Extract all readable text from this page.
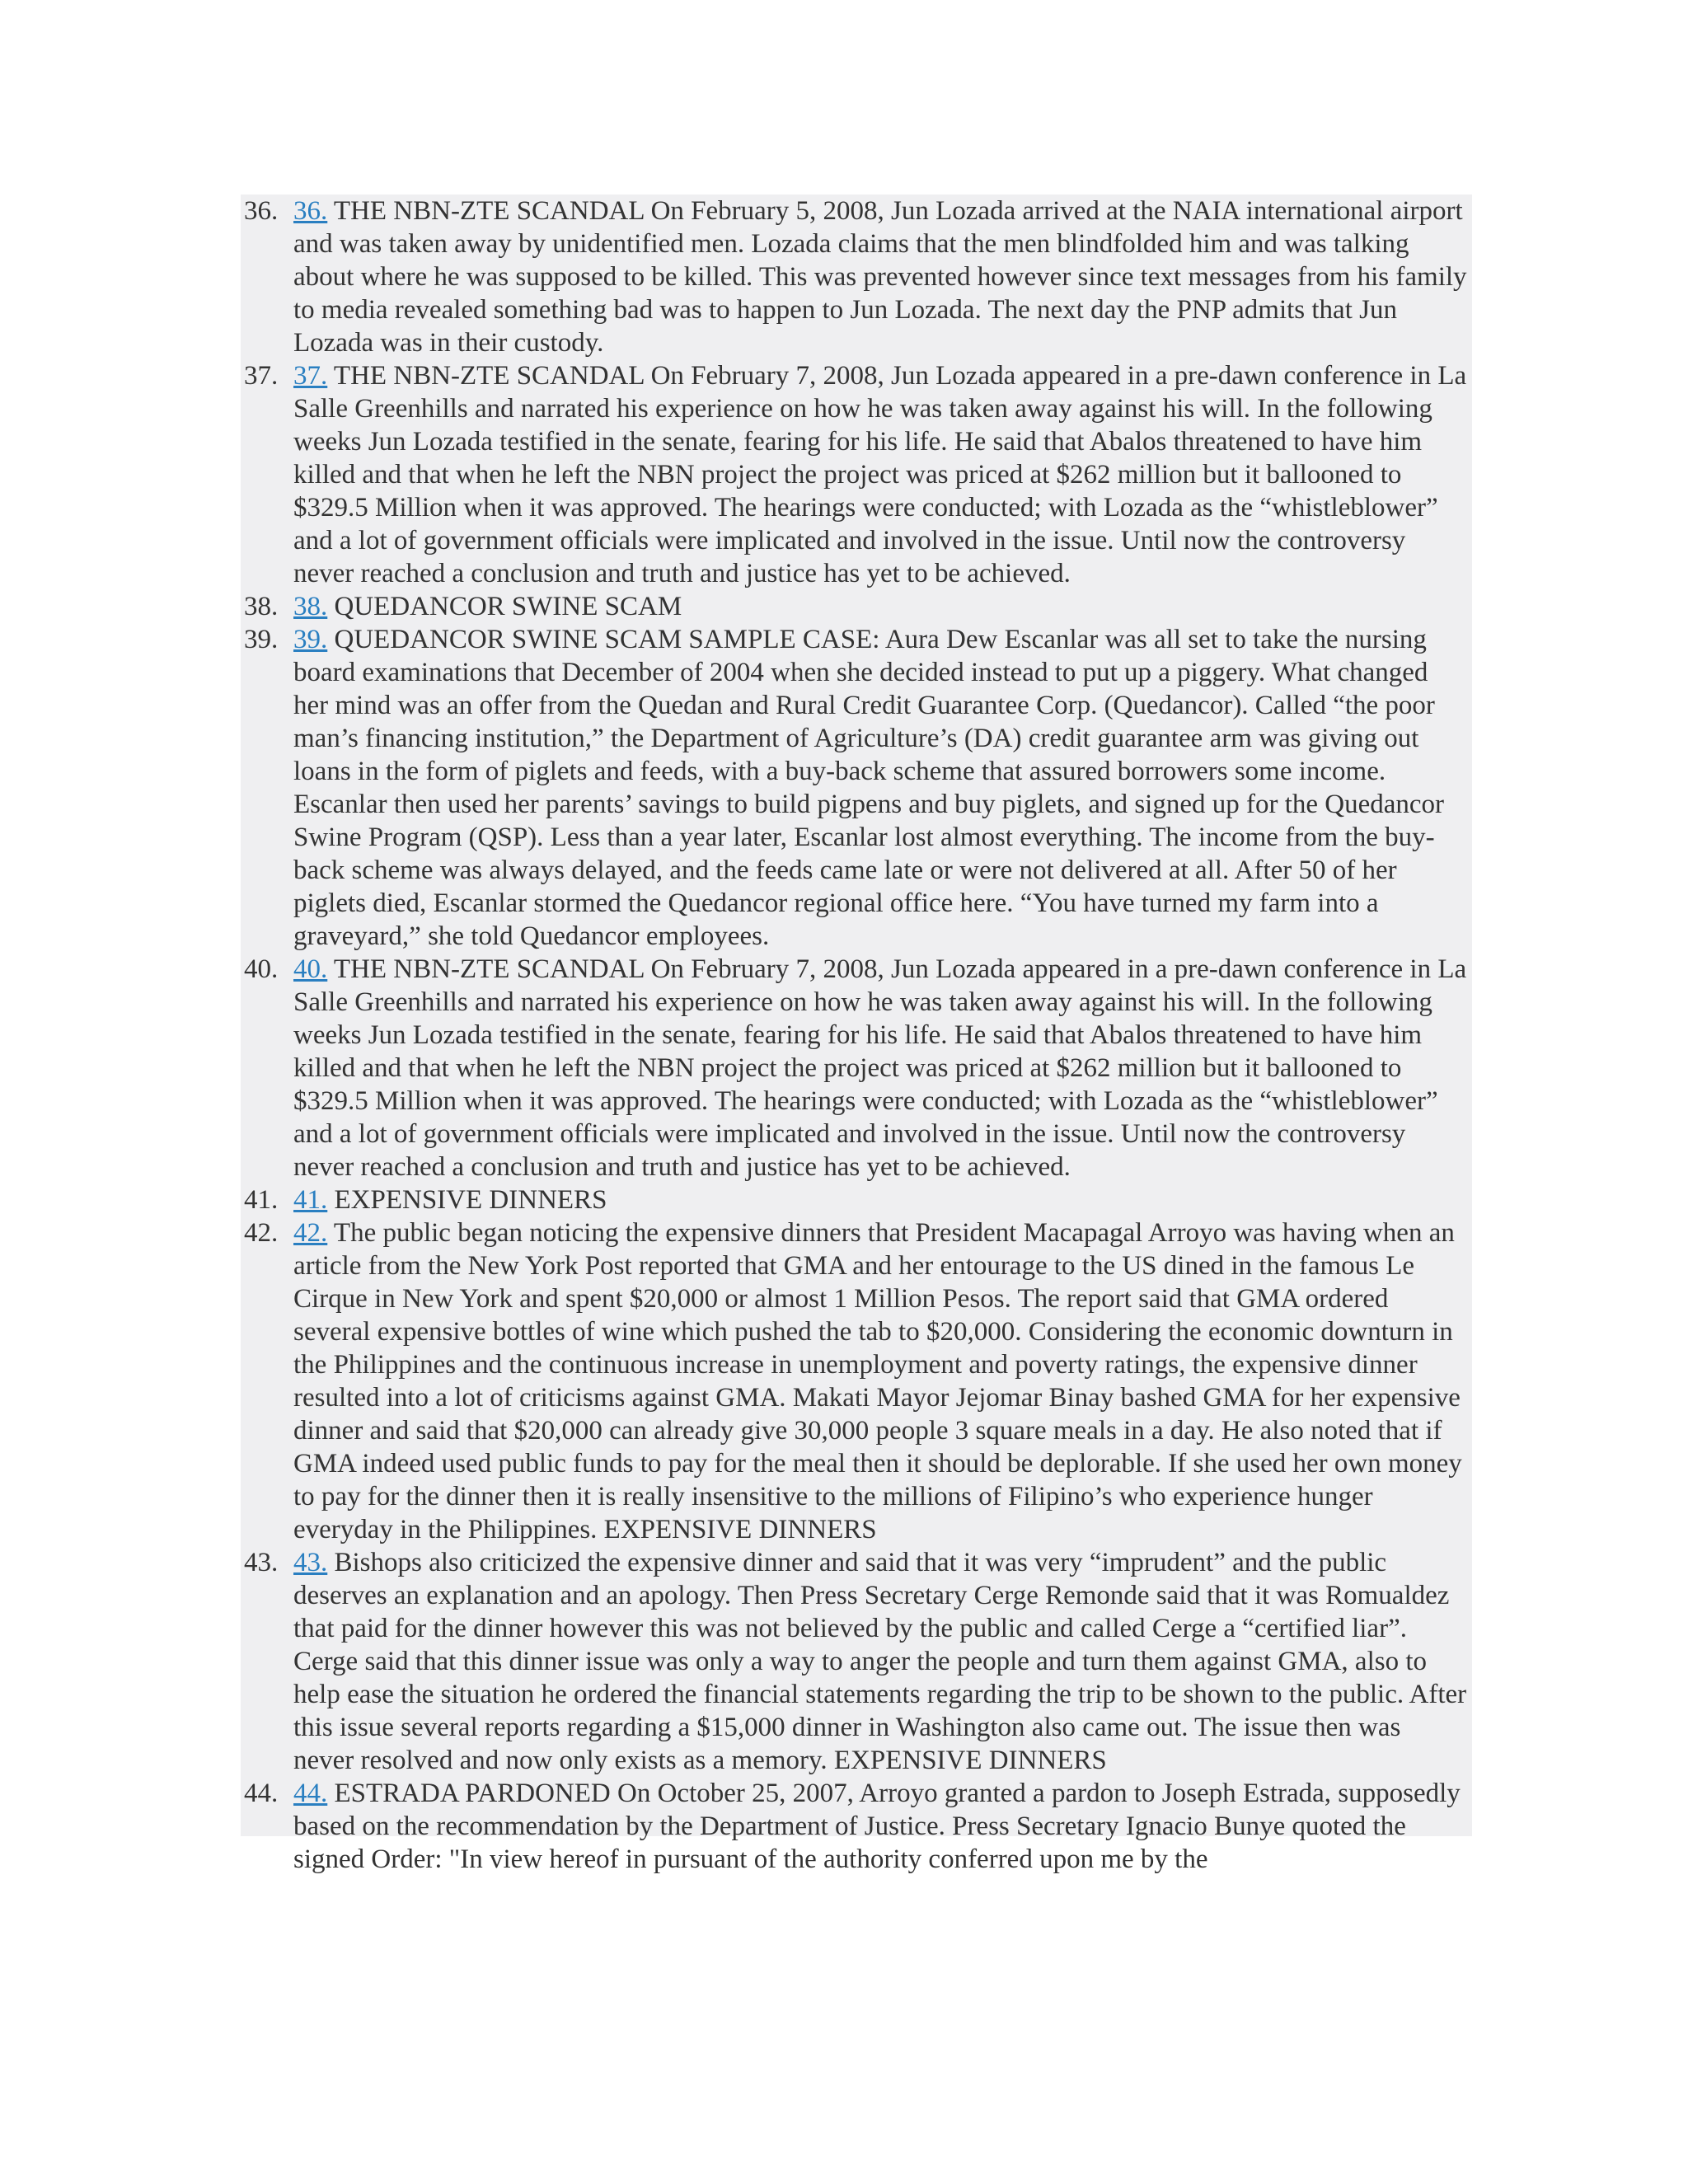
36. 36. THE NBN-ZTE SCANDAL On February 5, 2008, Jun Lozada arrived at the NAIA international airport and was taken away by unidentified men. Lozada claims that the men blindfolded him and was talking about where he was supposed to be killed. This was prevented however since text messages from his family to media revealed something bad was to happen to Jun Lozada. The next day the PNP admits that Jun Lozada was in their custody.

37. 37. THE NBN-ZTE SCANDAL On February 7, 2008, Jun Lozada appeared in a pre-dawn conference in La Salle Greenhills and narrated his experience on how he was taken away against his will. In the following weeks Jun Lozada testified in the senate, fearing for his life. He said that Abalos threatened to have him killed and that when he left the NBN project the project was priced at $262 million but it ballooned to $329.5 Million when it was approved. The hearings were conducted; with Lozada as the “whistleblower” and a lot of government officials were implicated and involved in the issue. Until now the controversy never reached a conclusion and truth and justice has yet to be achieved.

38. 38. QUEDANCOR SWINE SCAM

39. 39. QUEDANCOR SWINE SCAM SAMPLE CASE: Aura Dew Escanlar was all set to take the nursing board examinations that December of 2004 when she decided instead to put up a piggery. What changed her mind was an offer from the Quedan and Rural Credit Guarantee Corp. (Quedancor). Called “the poor man’s financing institution,” the Department of Agriculture’s (DA) credit guarantee arm was giving out loans in the form of piglets and feeds, with a buy-back scheme that assured borrowers some income. Escanlar then used her parents’ savings to build pigpens and buy piglets, and signed up for the Quedancor Swine Program (QSP). Less than a year later, Escanlar lost almost everything. The income from the buy- back scheme was always delayed, and the feeds came late or were not delivered at all. After 50 of her piglets died, Escanlar stormed the Quedancor regional office here. “You have turned my farm into a graveyard,” she told Quedancor employees.

40. 40. THE NBN-ZTE SCANDAL On February 7, 2008, Jun Lozada appeared in a pre-dawn conference in La Salle Greenhills and narrated his experience on how he was taken away against his will. In the following weeks Jun Lozada testified in the senate, fearing for his life. He said that Abalos threatened to have him killed and that when he left the NBN project the project was priced at $262 million but it ballooned to $329.5 Million when it was approved. The hearings were conducted; with Lozada as the “whistleblower” and a lot of government officials were implicated and involved in the issue. Until now the controversy never reached a conclusion and truth and justice has yet to be achieved.

41. 41. EXPENSIVE DINNERS

42. 42. The public began noticing the expensive dinners that President Macapagal Arroyo was having when an article from the New York Post reported that GMA and her entourage to the US dined in the famous Le Cirque in New York and spent $20,000 or almost 1 Million Pesos. The report said that GMA ordered several expensive bottles of wine which pushed the tab to $20,000. Considering the economic downturn in the Philippines and the continuous increase in unemployment and poverty ratings, the expensive dinner resulted into a lot of criticisms against GMA. Makati Mayor Jejomar Binay bashed GMA for her expensive dinner and said that $20,000 can already give 30,000 people 3 square meals in a day. He also noted that if GMA indeed used public funds to pay for the meal then it should be deplorable. If she used her own money to pay for the dinner then it is really insensitive to the millions of Filipino’s who experience hunger everyday in the Philippines. EXPENSIVE DINNERS

43. 43. Bishops also criticized the expensive dinner and said that it was very “imprudent” and the public deserves an explanation and an apology. Then Press Secretary Cerge Remonde said that it was Romualdez that paid for the dinner however this was not believed by the public and called Cerge a “certified liar”. Cerge said that this dinner issue was only a way to anger the people and turn them against GMA, also to help ease the situation he ordered the financial statements regarding the trip to be shown to the public. After this issue several reports regarding a $15,000 dinner in Washington also came out. The issue then was never resolved and now only exists as a memory. EXPENSIVE DINNERS

44. 44. ESTRADA PARDONED On October 25, 2007, Arroyo granted a pardon to Joseph Estrada, supposedly based on the recommendation by the Department of Justice. Press Secretary Ignacio Bunye quoted the signed Order: "In view hereof in pursuant of the authority conferred upon me by the
